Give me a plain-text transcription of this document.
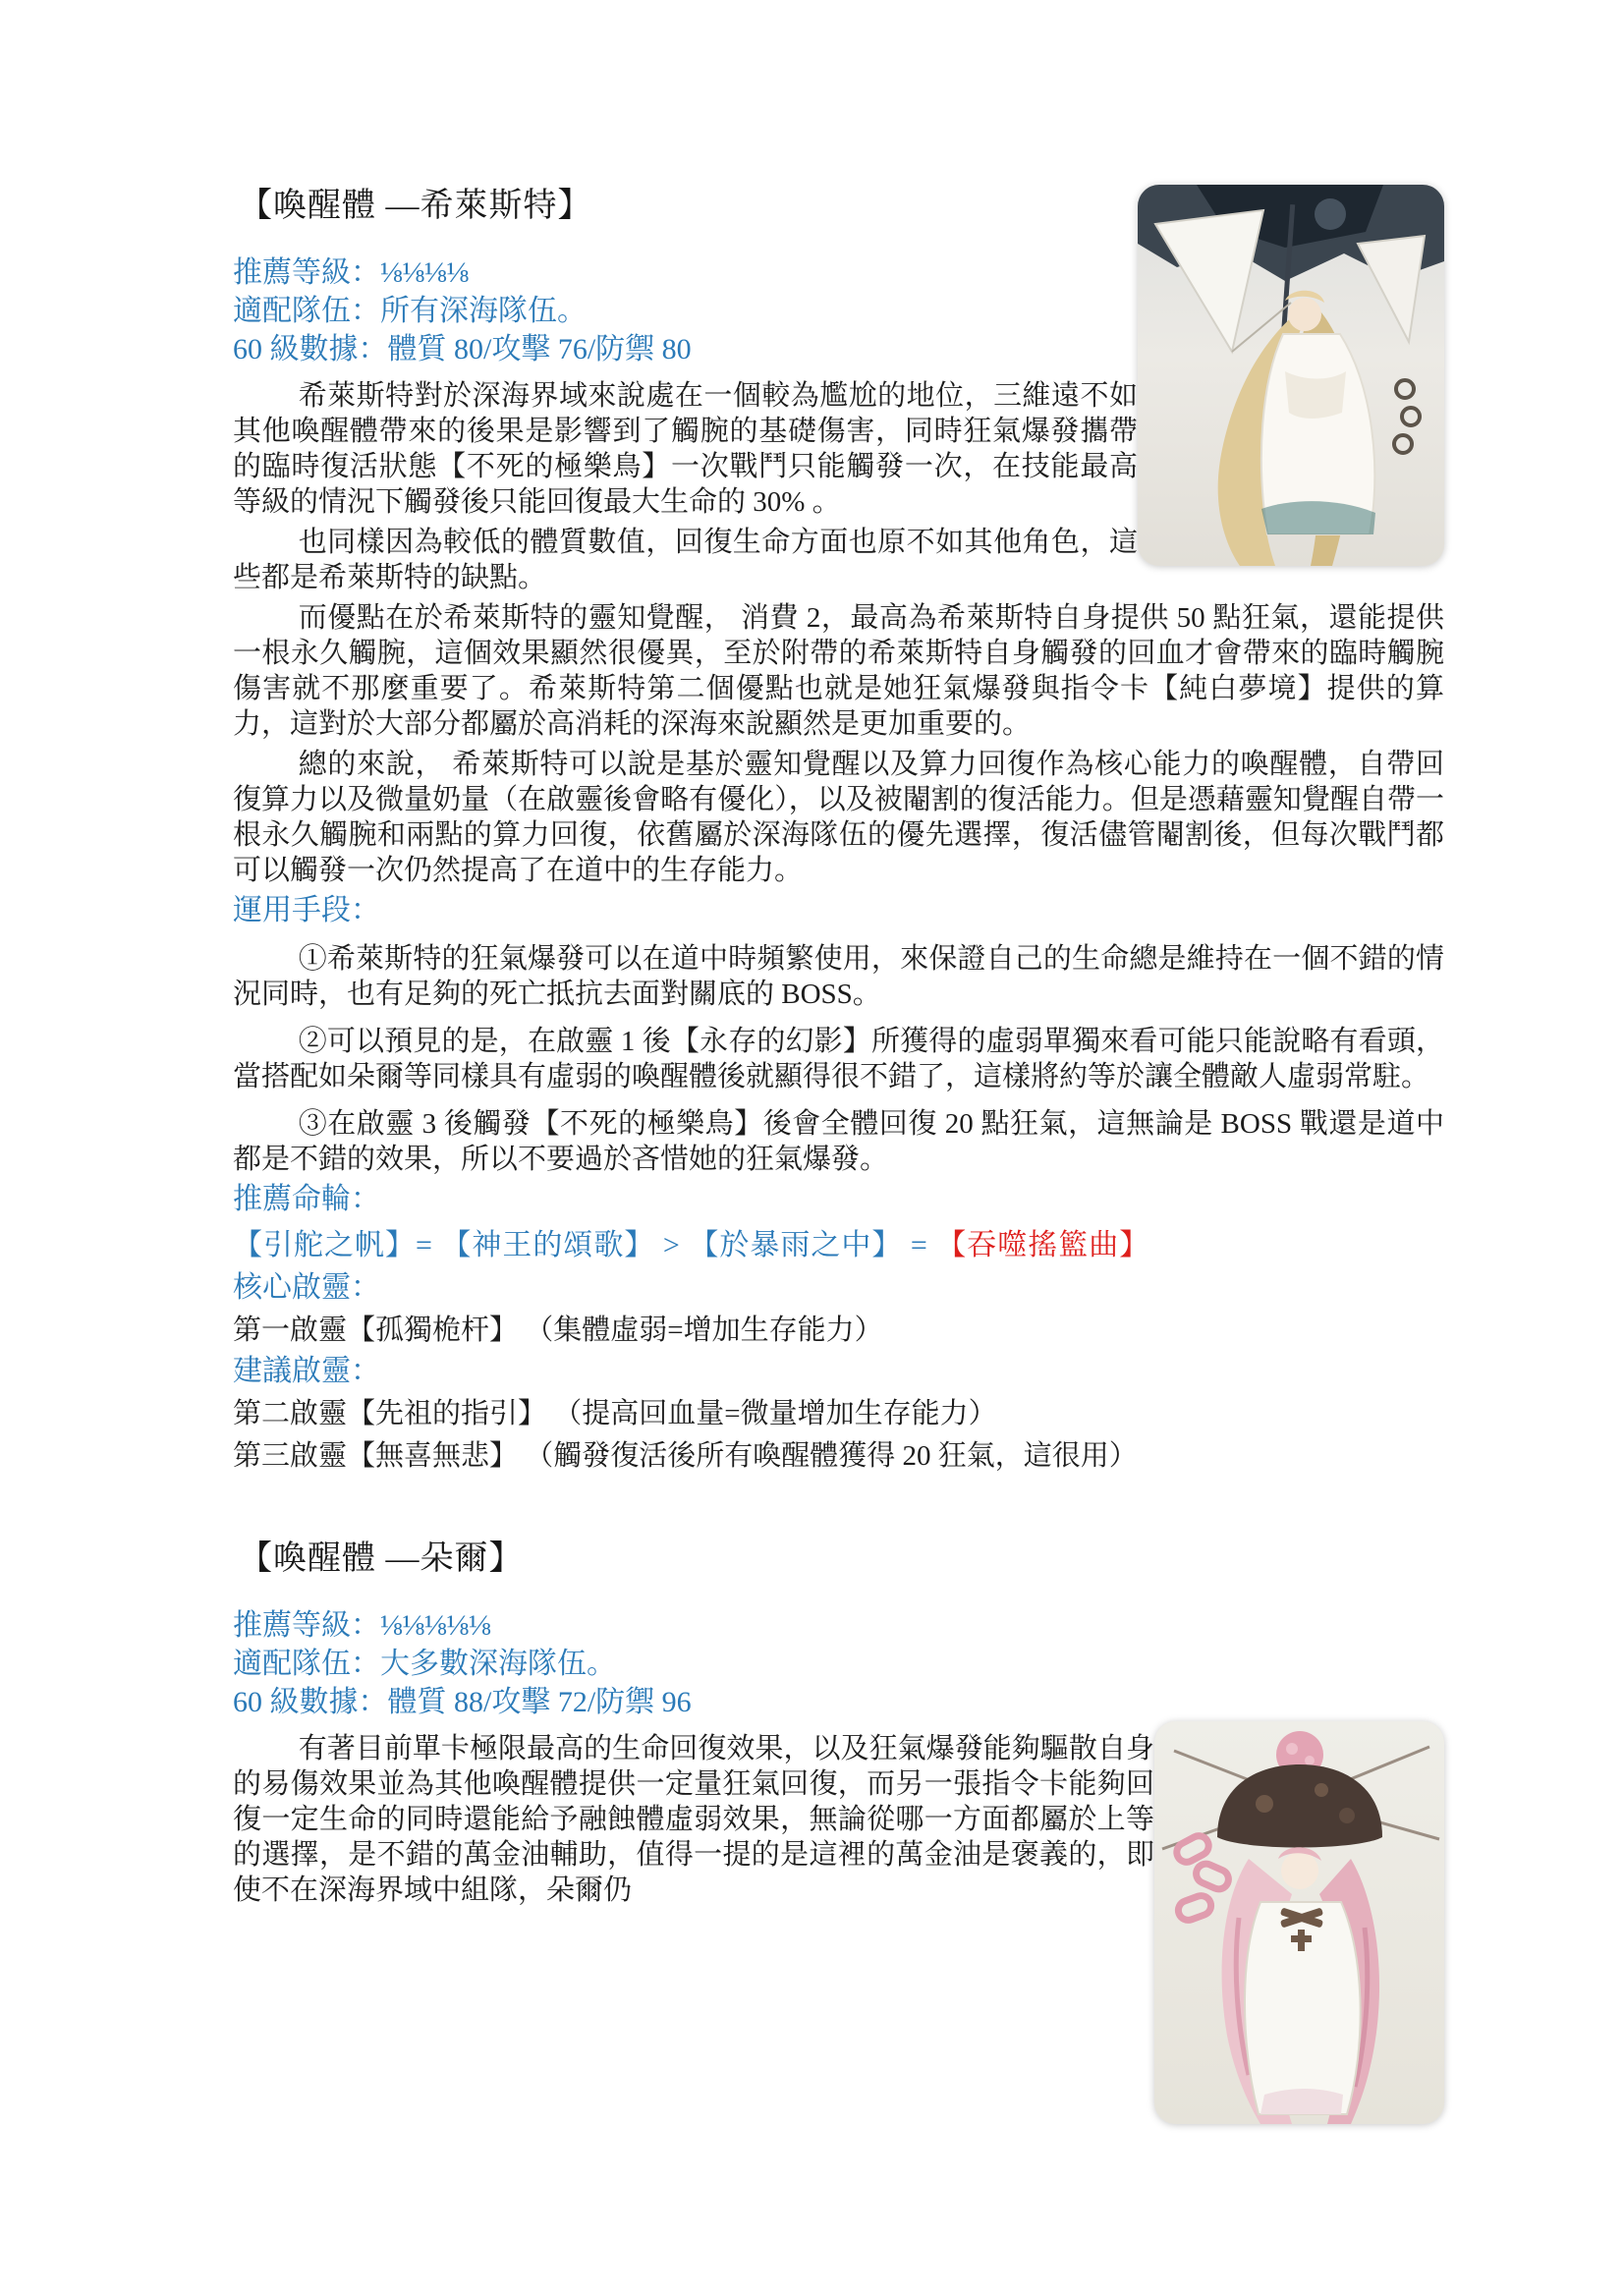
【喚醒體 —希萊斯特】

推薦等級：⅛⅛⅛⅛

適配隊伍：所有深海隊伍。

60 級數據：體質 80/攻擊 76/防禦 80

希萊斯特對於深海界域來說處在一個較為尷尬的地位，三維遠不如其他喚醒體帶來的後果是影響到了觸腕的基礎傷害，同時狂氣爆發攜帶的臨時復活狀態【不死的極樂鳥】一次戰鬥只能觸發一次，在技能最高等級的情況下觸發後只能回復最大生命的 30% 。

也同樣因為較低的體質數值，回復生命方面也原不如其他角色，這些都是希萊斯特的缺點。

而優點在於希萊斯特的靈知覺醒， 消費 2，最高為希萊斯特自身提供 50 點狂氣，還能提供一根永久觸腕，這個效果顯然很優異，至於附帶的希萊斯特自身觸發的回血才會帶來的臨時觸腕傷害就不那麼重要了。希萊斯特第二個優點也就是她狂氣爆發與指令卡【純白夢境】提供的算力，這對於大部分都屬於高消耗的深海來說顯然是更加重要的。

總的來說， 希萊斯特可以說是基於靈知覺醒以及算力回復作為核心能力的喚醒體，自帶回復算力以及微量奶量（在啟靈後會略有優化），以及被閹割的復活能力。但是憑藉靈知覺醒自帶一根永久觸腕和兩點的算力回復，依舊屬於深海隊伍的優先選擇，復活儘管閹割後，但每次戰鬥都可以觸發一次仍然提高了在道中的生存能力。

運用手段：

①希萊斯特的狂氣爆發可以在道中時頻繁使用，來保證自己的生命總是維持在一個不錯的情況同時，也有足夠的死亡抵抗去面對關底的 BOSS。

②可以預見的是，在啟靈 1 後【永存的幻影】所獲得的虛弱單獨來看可能只能說略有看頭， 當搭配如朵爾等同樣具有虛弱的喚醒體後就顯得很不錯了，這樣將約等於讓全體敵人虛弱常駐。

③在啟靈 3 後觸發【不死的極樂鳥】後會全體回復 20 點狂氣，這無論是 BOSS 戰還是道中都是不錯的效果，所以不要過於吝惜她的狂氣爆發。

推薦命輪：

【引舵之帆】= 【神王的頌歌】 > 【於暴雨之中】 = 【吞噬搖籃曲】

核心啟靈：

第一啟靈【孤獨桅杆】 （集體虛弱=增加生存能力）

建議啟靈：

第二啟靈【先祖的指引】 （提高回血量=微量增加生存能力）

第三啟靈【無喜無悲】 （觸發復活後所有喚醒體獲得 20 狂氣，這很用）

【喚醒體 —朵爾】

推薦等級：⅛⅛⅛⅛⅛

適配隊伍：大多數深海隊伍。

60 級數據：體質 88/攻擊 72/防禦 96

有著目前單卡極限最高的生命回復效果，以及狂氣爆發能夠驅散自身的易傷效果並為其他喚醒體提供一定量狂氣回復，而另一張指令卡能夠回復一定生命的同時還能給予融蝕體虛弱效果，無論從哪一方面都屬於上等的選擇，是不錯的萬金油輔助，值得一提的是這裡的萬金油是褒義的，即使不在深海界域中組隊，朵爾仍
